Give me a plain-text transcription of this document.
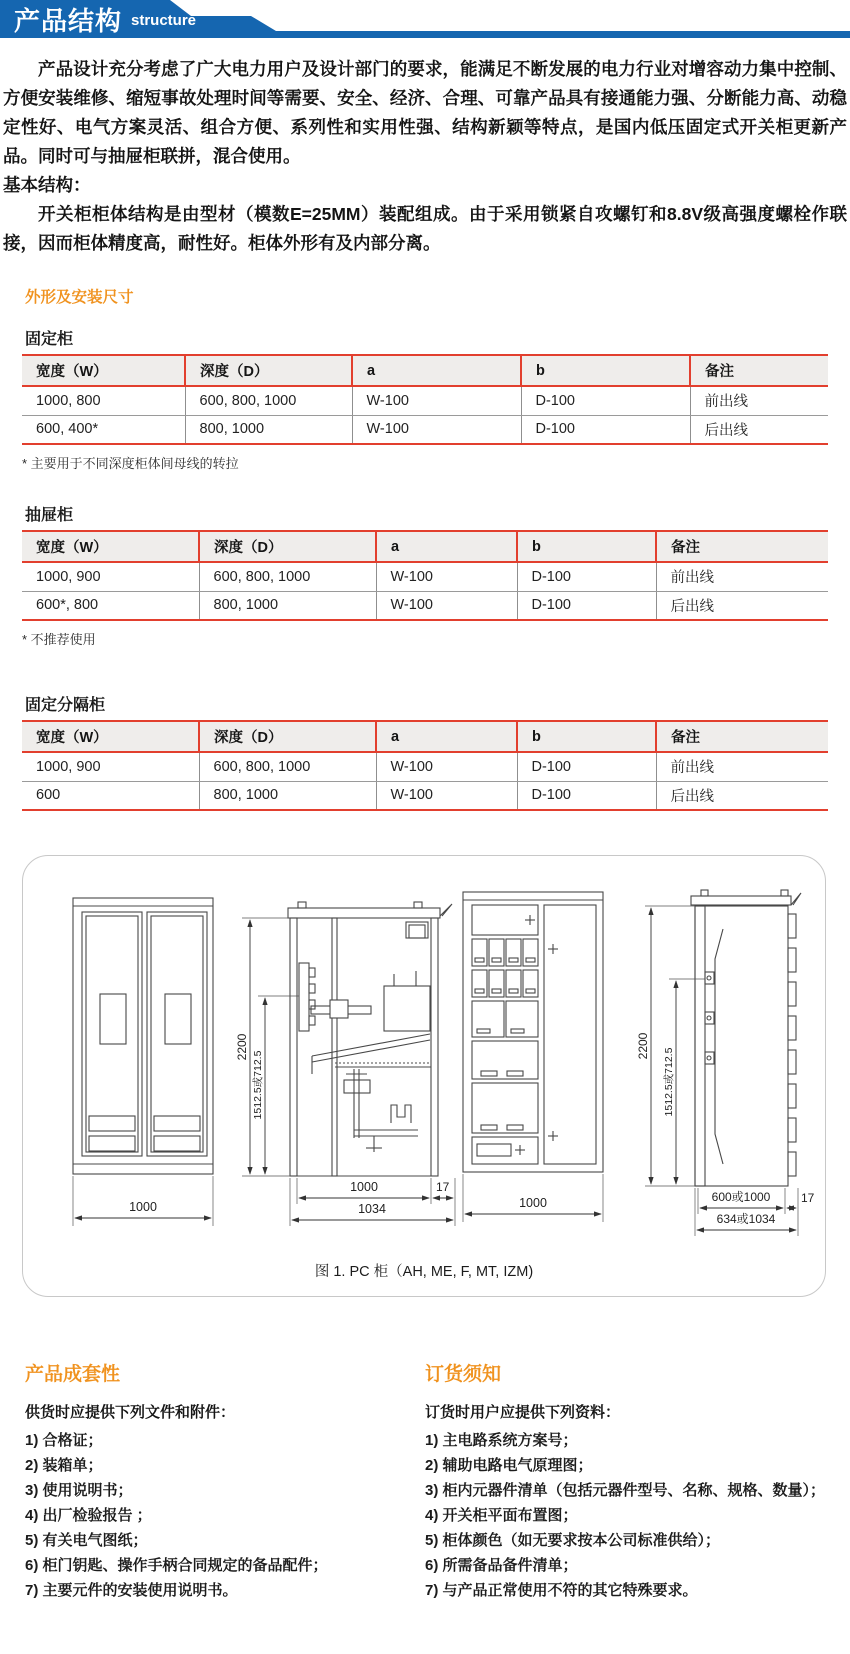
产品结构 structure

产品设计充分考虑了广大电力用户及设计部门的要求，能满足不断发展的电力行业对增容动力集中控制、方便安装维修、缩短事故处理时间等需要、安全、经济、合理、可靠产品具有接通能力强、分断能力高、动稳定性好、电气方案灵活、组合方便、系列性和实用性强、结构新颖等特点，是国内低压固定式开关柜更新产品。同时可与抽屉柜联拼，混合使用。

基本结构：

开关柜柜体结构是由型材（模数E=25MM）装配组成。由于采用锁紧自攻螺钉和8.8V级高强度螺栓作联接，因而柜体精度高，耐性好。柜体外形有及内部分离。

外形及安装尺寸
固定柜
宽度（W）	深度（D）	a	b	备注
1000, 800	600, 800, 1000	W-100	D-100	前出线
600, 400*	800, 1000	W-100	D-100	后出线
* 主要用于不同深度柜体间母线的转拉
抽屉柜
宽度（W）	深度（D）	a	b	备注
1000, 900	600, 800, 1000	W-100	D-100	前出线
600*, 800	800, 1000	W-100	D-100	后出线
* 不推荐使用
固定分隔柜
宽度（W）	深度（D）	a	b	备注
1000, 900	600, 800, 1000	W-100	D-100	前出线
600	800, 1000	W-100	D-100	后出线
1000
2200
1512.5或712.5
1000	17
1034	1000
2200
1512.5或712.5
600或1000	17
634或1034
图 1. PC 柜（AH, ME, F, MT, IZM)
产品成套性

供货时应提供下列文件和附件：

1) 合格证；
2) 装箱单；
3) 使用说明书；
4) 出厂检验报告 ；
5) 有关电气图纸；
6) 柜门钥匙、操作手柄合同规定的备品配件；
7) 主要元件的安装使用说明书。
订货须知

订货时用户应提供下列资料：

1) 主电路系统方案号；
2) 辅助电路电气原理图；
3) 柜内元器件清单（包括元器件型号、名称、规格、数量）；
4) 开关柜平面布置图；
5) 柜体颜色（如无要求按本公司标准供给）；
6) 所需备品备件清单；
7) 与产品正常使用不符的其它特殊要求。
